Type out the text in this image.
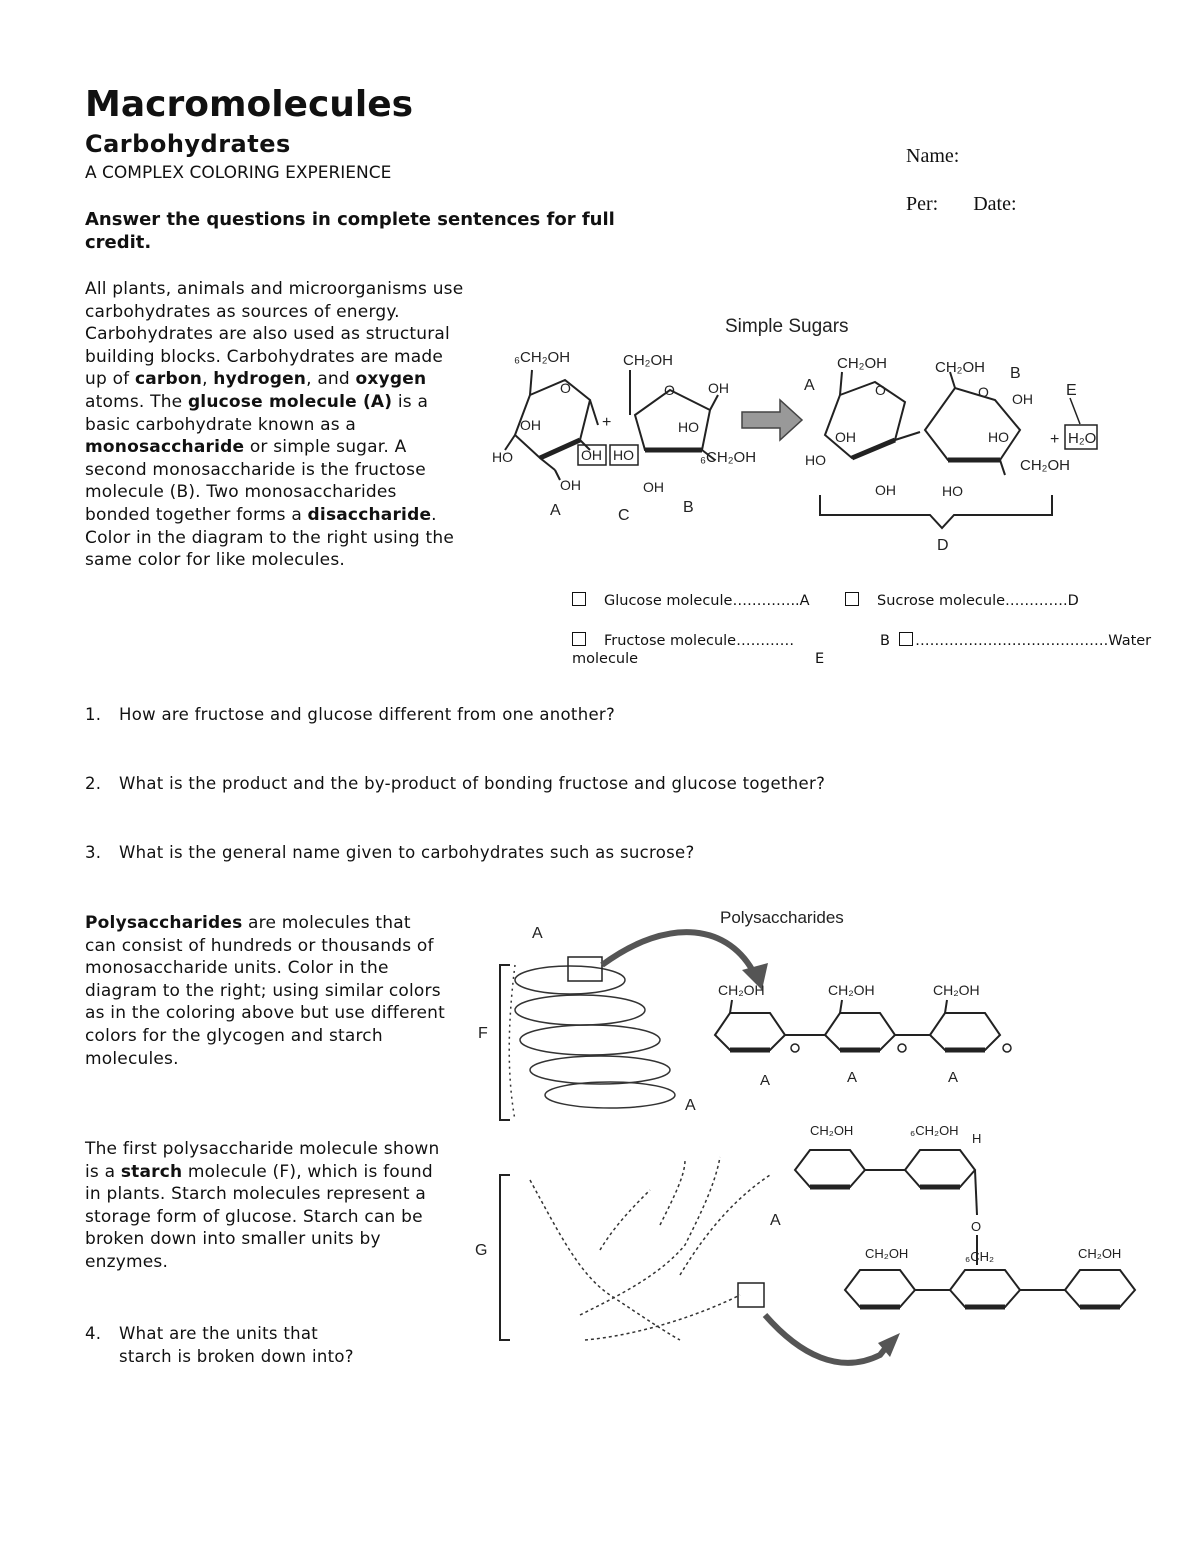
Macromolecules
Carbohydrates
A COMPLEX COLORING EXPERIENCE
Answer the questions in complete sentences for full credit.
Name:
Per: Date:
All plants, animals and microorganisms use carbohydrates as sources of energy. Carbohydrates are also used as structural building blocks. Carbohydrates are made up of carbon, hydrogen, and oxygen atoms. The glucose molecule (A) is a basic carbohydrate known as a monosaccharide or simple sugar. A second monosaccharide is the fructose molecule (B). Two monosaccharides bonded together forms a disaccharide. Color in the diagram to the right using the same color for like molecules.
Simple Sugars
₆CH₂OH
O
OH
HO
OH
OH
A
+
CH₂OH
O OH
HO
HO
OH
₆CH₂OH
C	B
CH₂OH
O
OH
HO
OH
A
CH₂OH
O OH
HO
HO
CH₂OH
B
+ H₂O
E
D
Glucose molecule…………..A	Sucrose molecule………….D
Fructose molecule…………	B ………………………………….Water
molecule	E
1. How are fructose and glucose different from one another?
2. What is the product and the by-product of bonding fructose and glucose together?
3. What is the general name given to carbohydrates such as sucrose?
Polysaccharides are molecules that can consist of hundreds or thousands of monosaccharide units. Color in the diagram to the right; using similar colors as in the coloring above but use different colors for the glycogen and starch molecules.
The first polysaccharide molecule shown is a starch molecule (F), which is found in plants. Starch molecules represent a storage form of glucose. Starch can be broken down into smaller units by enzymes.
4. What are the units that
starch is broken down into?
Polysaccharides
F
A
A
CH₂OH	CH₂OH	CH₂OH
A	A	A
G
A
CH₂OH	₆CH₂OH
H
O
CH₂OH	₆CH₂	CH₂OH
